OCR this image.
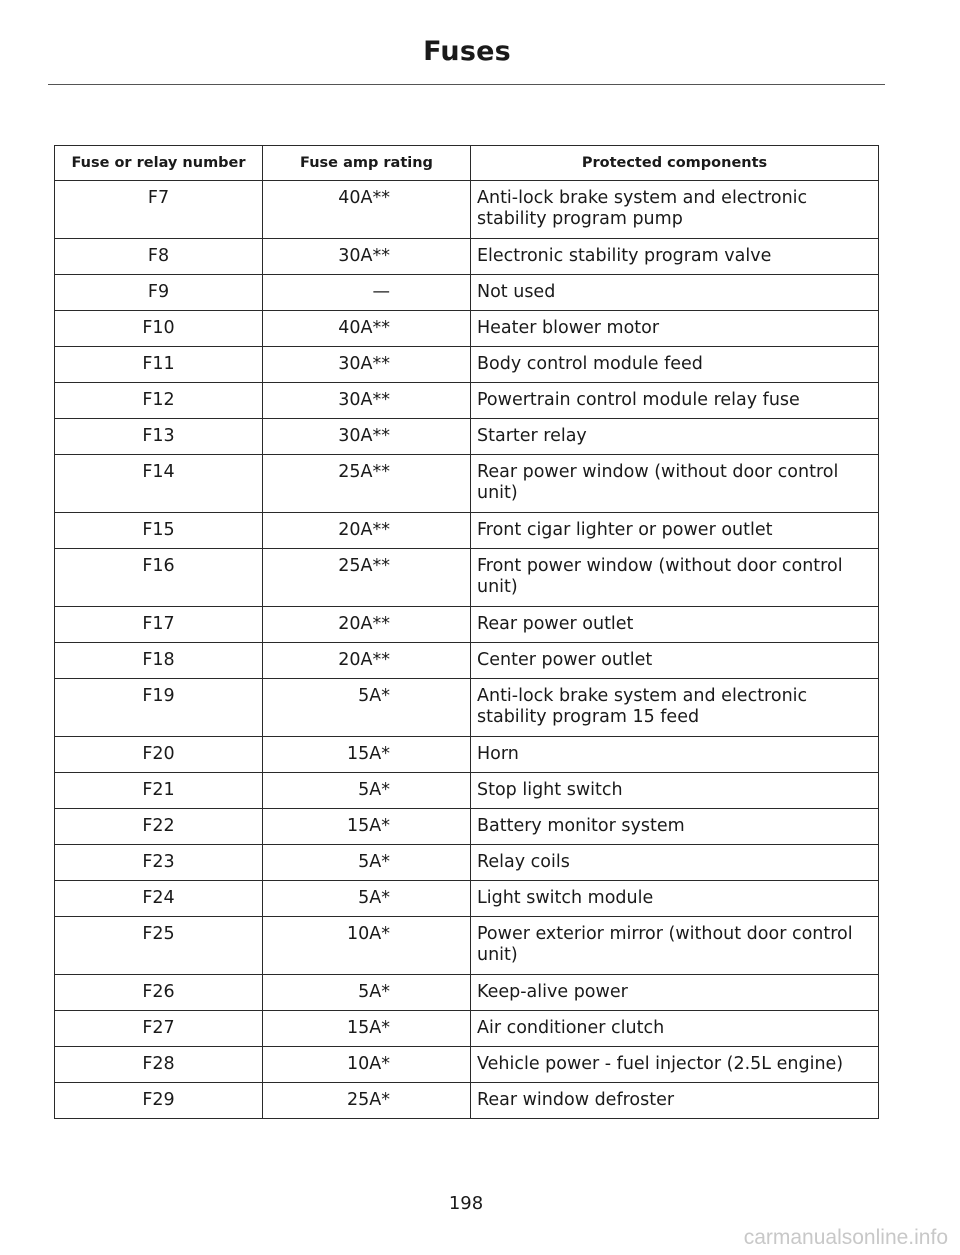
Fuses
Fuse or relay number	Fuse amp rating	Protected components
F7	40A**	Anti-lock brake system and electronic stability program pump
F8	30A**	Electronic stability program valve
F9	—	Not used
F10	40A**	Heater blower motor
F11	30A**	Body control module feed
F12	30A**	Powertrain control module relay fuse
F13	30A**	Starter relay
F14	25A**	Rear power window (without door control unit)
F15	20A**	Front cigar lighter or power outlet
F16	25A**	Front power window (without door control unit)
F17	20A**	Rear power outlet
F18	20A**	Center power outlet
F19	5A*	Anti-lock brake system and electronic stability program 15 feed
F20	15A*	Horn
F21	5A*	Stop light switch
F22	15A*	Battery monitor system
F23	5A*	Relay coils
F24	5A*	Light switch module
F25	10A*	Power exterior mirror (without door control unit)
F26	5A*	Keep-alive power
F27	15A*	Air conditioner clutch
F28	10A*	Vehicle power - fuel injector (2.5L engine)
F29	25A*	Rear window defroster
198
carmanualsonline.info
